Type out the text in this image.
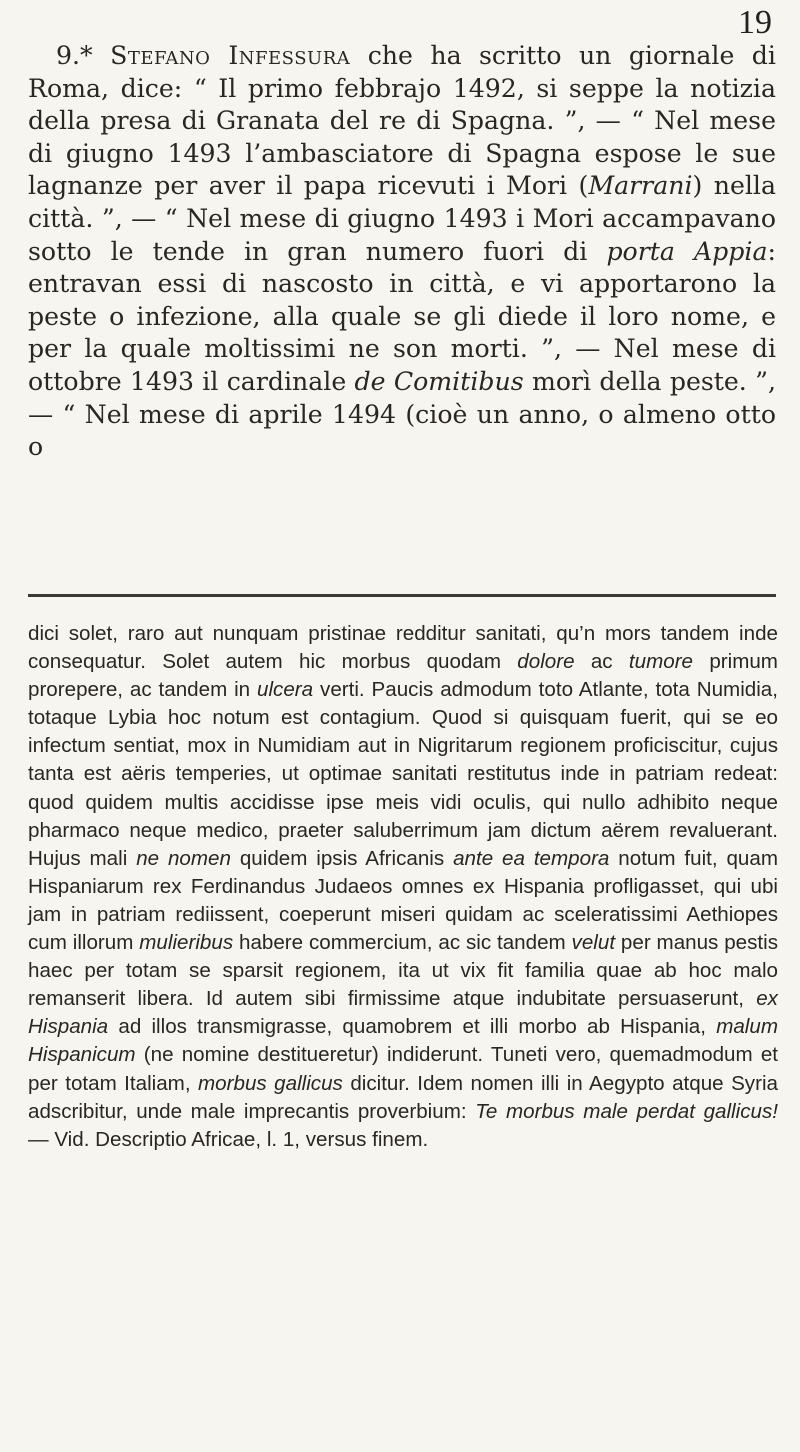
19

9.* Stefano Infessura che ha scritto un giornale di Roma, dice: “ Il primo febbrajo 1492, si seppe la notizia della presa di Granata del re di Spagna. ”, — “ Nel mese di giugno 1493 l’ambasciatore di Spagna espose le sue lagnanze per aver il papa ricevuti i Mori (Marrani) nella città. ”, — “ Nel mese di giugno 1493 i Mori accampavano sotto le tende in gran numero fuori di porta Appia: entravan essi di nascosto in città, e vi apportarono la peste o infezione, alla quale se gli diede il loro nome, e per la quale moltissimi ne son morti. ”, — Nel mese di ottobre 1493 il cardinale de Comitibus morì della peste. ”, — “ Nel mese di aprile 1494 (cioè un anno, o almeno otto o

dici solet, raro aut nunquam pristinae redditur sanitati, qu’n mors tandem inde consequatur. Solet autem hic morbus quodam dolore ac tumore primum prorepere, ac tandem in ulcera verti. Paucis admodum toto Atlante, tota Numidia, totaque Lybia hoc notum est contagium. Quod si quisquam fuerit, qui se eo infectum sentiat, mox in Numidiam aut in Nigritarum regionem proficiscitur, cujus tanta est aëris temperies, ut optimae sanitati restitutus inde in patriam redeat: quod quidem multis accidisse ipse meis vidi oculis, qui nullo adhibito neque pharmaco neque medico, praeter saluberrimum jam dictum aërem revaluerant. Hujus mali ne nomen quidem ipsis Africanis ante ea tempora notum fuit, quam Hispaniarum rex Ferdinandus Judaeos omnes ex Hispania profligasset, qui ubi jam in patriam rediissent, coeperunt miseri quidam ac sceleratissimi Aethiopes cum illorum mulieribus habere commercium, ac sic tandem velut per manus pestis haec per totam se sparsit regionem, ita ut vix fit familia quae ab hoc malo remanserit libera. Id autem sibi firmissime atque indubitate persuaserunt, ex Hispania ad illos transmigrasse, quamobrem et illi morbo ab Hispania, malum Hispanicum (ne nomine destitueretur) indiderunt. Tuneti vero, quemadmodum et per totam Italiam, morbus gallicus dicitur. Idem nomen illi in Aegypto atque Syria adscribitur, unde male imprecantis proverbium: Te morbus male perdat gallicus! — Vid. Descriptio Africae, l. 1, versus finem.
